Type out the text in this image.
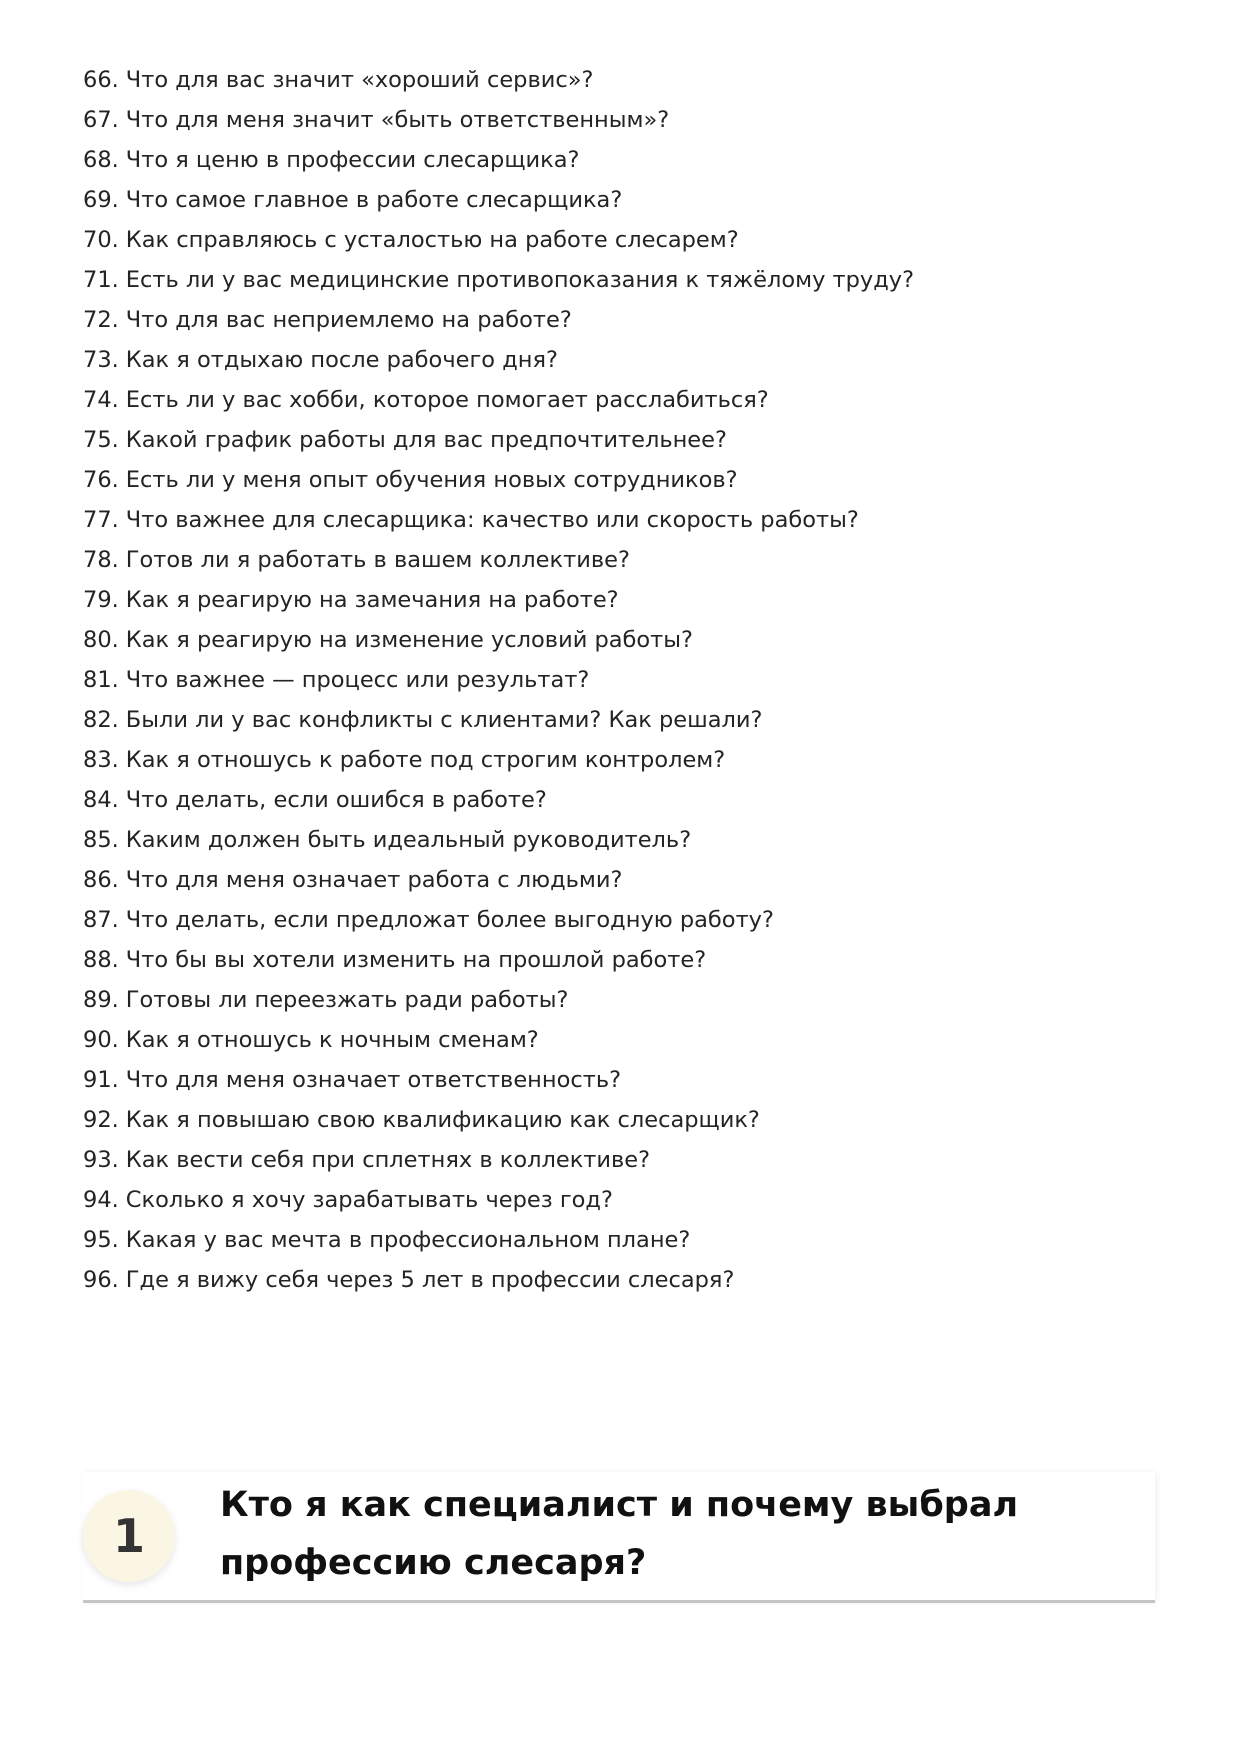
66. Что для вас значит «хороший сервис»?
67. Что для меня значит «быть ответственным»?
68. Что я ценю в профессии слесарщика?
69. Что самое главное в работе слесарщика?
70. Как справляюсь с усталостью на работе слесарем?
71. Есть ли у вас медицинские противопоказания к тяжёлому труду?
72. Что для вас неприемлемо на работе?
73. Как я отдыхаю после рабочего дня?
74. Есть ли у вас хобби, которое помогает расслабиться?
75. Какой график работы для вас предпочтительнее?
76. Есть ли у меня опыт обучения новых сотрудников?
77. Что важнее для слесарщика: качество или скорость работы?
78. Готов ли я работать в вашем коллективе?
79. Как я реагирую на замечания на работе?
80. Как я реагирую на изменение условий работы?
81. Что важнее — процесс или результат?
82. Были ли у вас конфликты с клиентами? Как решали?
83. Как я отношусь к работе под строгим контролем?
84. Что делать, если ошибся в работе?
85. Каким должен быть идеальный руководитель?
86. Что для меня означает работа с людьми?
87. Что делать, если предложат более выгодную работу?
88. Что бы вы хотели изменить на прошлой работе?
89. Готовы ли переезжать ради работы?
90. Как я отношусь к ночным сменам?
91. Что для меня означает ответственность?
92. Как я повышаю свою квалификацию как слесарщик?
93. Как вести себя при сплетнях в коллективе?
94. Сколько я хочу зарабатывать через год?
95. Какая у вас мечта в профессиональном плане?
96. Где я вижу себя через 5 лет в профессии слесаря?
1
Кто я как специалист и почему выбрал профессию слесаря?
